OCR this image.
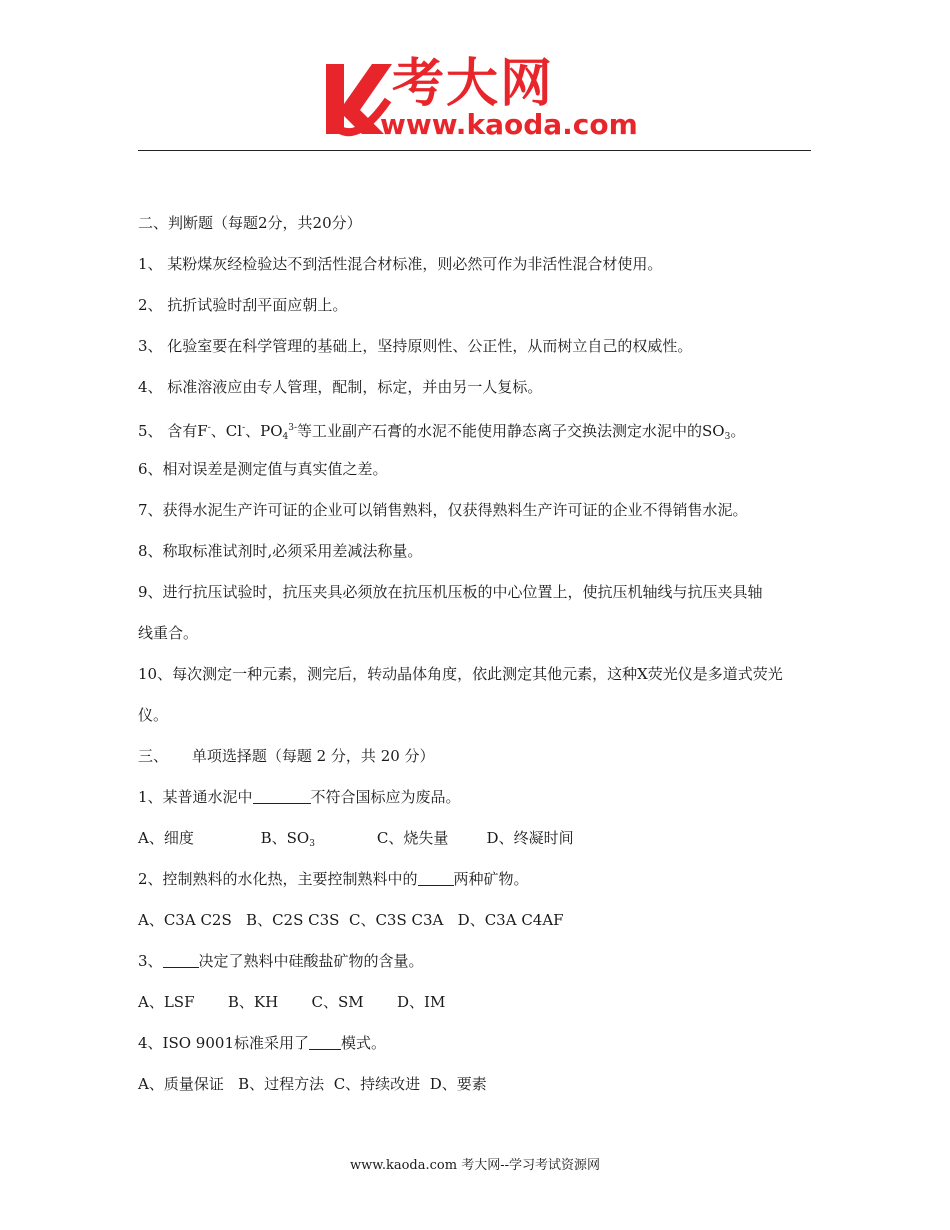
考大网
www.kaoda.com

二、判断题（每题2分，共20分）

1、 某粉煤灰经检验达不到活性混合材标准，则必然可作为非活性混合材使用。

2、 抗折试验时刮平面应朝上。

3、 化验室要在科学管理的基础上，坚持原则性、公正性，从而树立自己的权威性。

4、 标准溶液应由专人管理，配制，标定，并由另一人复标。

5、 含有F-、Cl-、$PO_4^{3-}$等工业副产石膏的水泥不能使用静态离子交换法测定水泥中的$SO_3$。

6、相对误差是测定值与真实值之差。

7、获得水泥生产许可证的企业可以销售熟料，仅获得熟料生产许可证的企业不得销售水泥。

8、称取标准试剂时,必须采用差减法称量。

9、进行抗压试验时，抗压夹具必须放在抗压机压板的中心位置上，使抗压机轴线与抗压夹具轴

线重合。

10、每次测定一种元素，测完后，转动晶体角度，依此测定其他元素，这种X荧光仪是多道式荧光

仪。

三、     单项选择题（每题 2 分，共 20 分）

1、某普通水泥中	不符合国标应为废品。

A、细度              B、$SO_3$             C、烧失量        D、终凝时间

2、控制熟料的水化热，主要控制熟料中的 两种矿物。

A、C3A C2S   B、C2S C3S  C、C3S C3A   D、C3A C4AF

3、 决定了熟料中硅酸盐矿物的含量。

A、LSF       B、KH       C、SM       D、IM

4、ISO 9001标准采用了 模式。

A、质量保证   B、过程方法  C、持续改进  D、要素

www.kaoda.com 考大网--学习考试资源网
